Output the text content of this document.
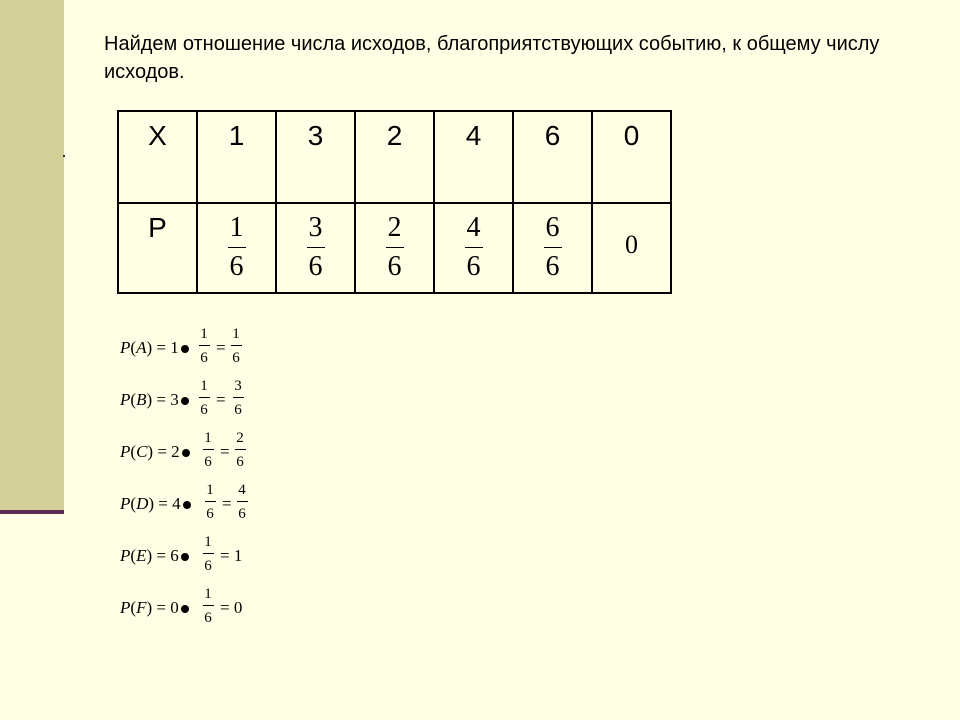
Найдем отношение числа исходов, благоприятствующих событию, к общему числу исходов.
X	1	3	2	4	6	0

P	$\frac{1}{6}$	$\frac{3}{6}$	$\frac{2}{6}$	$\frac{4}{6}$	$\frac{6}{6}$	0
P(A) = 1
1
6
=
1
6
P(B) = 3
1
6
=
3
6
P(C) = 2
1
6
=
2
6
P(D) = 4
1
6
=
4
6
P(E) = 6
1
6
= 1
P(F) = 0
1
6
= 0
